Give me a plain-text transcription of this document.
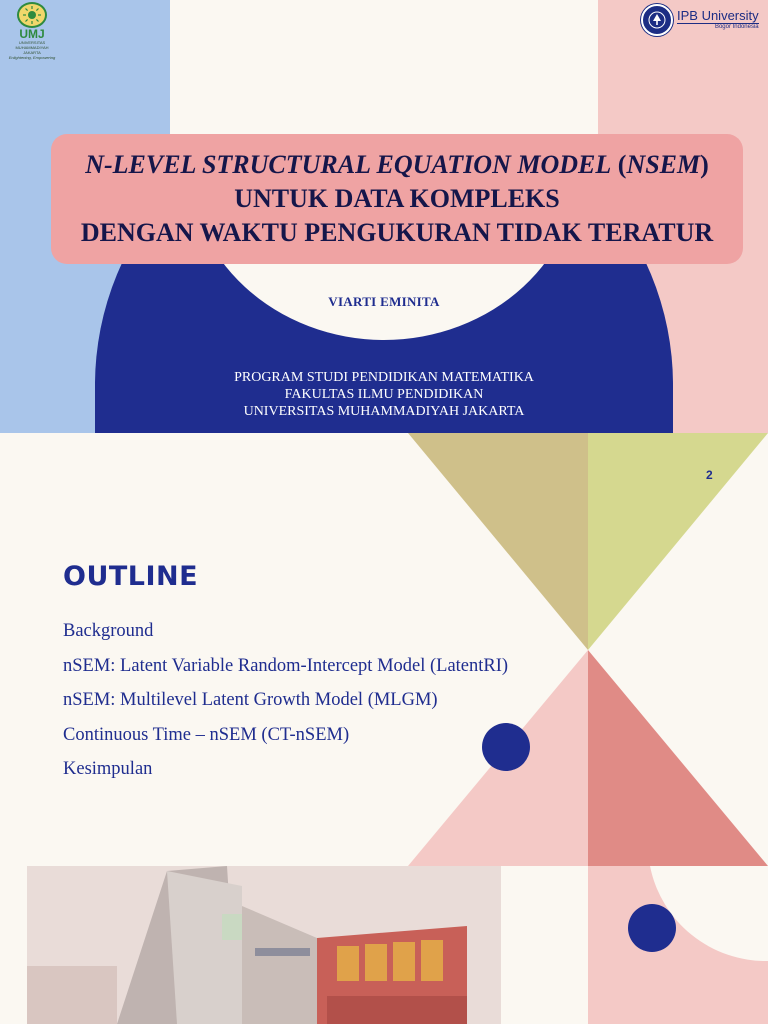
UMJ
UNIVERSITAS
MUHAMMADIYAH
JAKARTA
Enlightening, Empowering
IPB University
Bogor Indonesia
N-LEVEL STRUCTURAL EQUATION MODEL (NSEM)
UNTUK DATA KOMPLEKS
DENGAN WAKTU PENGUKURAN TIDAK TERATUR
VIARTI EMINITA
PROGRAM STUDI PENDIDIKAN MATEMATIKA
FAKULTAS ILMU PENDIDIKAN
UNIVERSITAS MUHAMMADIYAH JAKARTA
2
OUTLINE
Background
nSEM: Latent Variable Random-Intercept Model (LatentRI)
nSEM: Multilevel Latent Growth Model (MLGM)
Continuous Time – nSEM (CT-nSEM)
Kesimpulan
